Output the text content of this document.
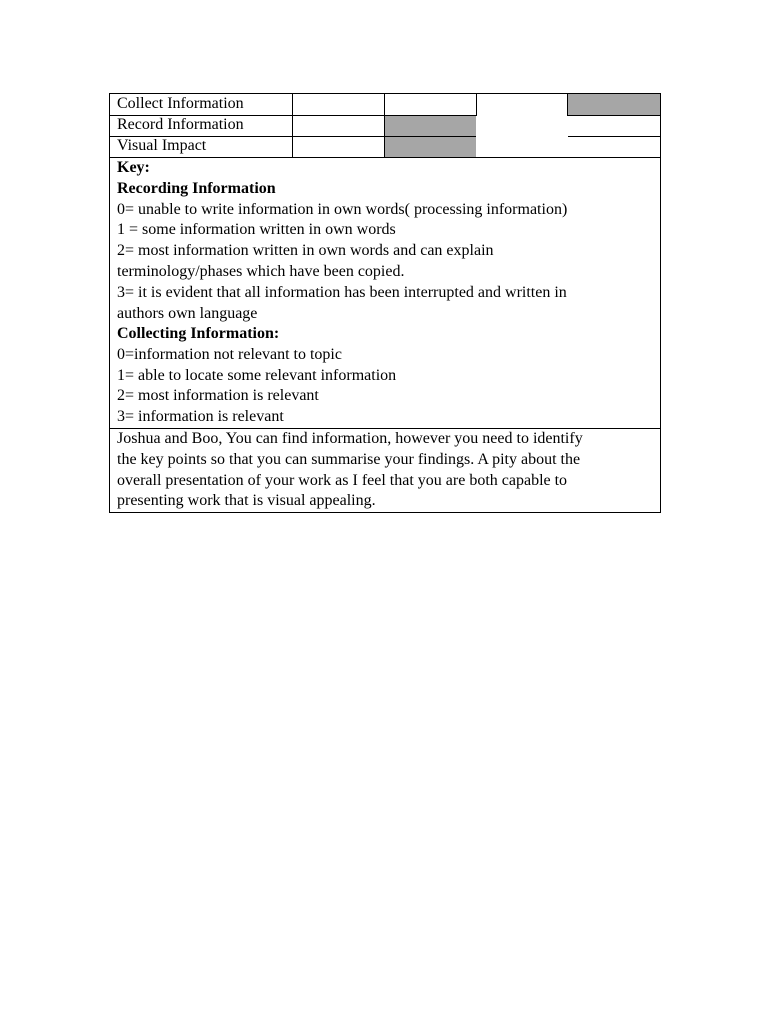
Collect Information
Record Information
Visual Impact
Key:
Recording Information
0= unable to write information in own words( processing information)
1 = some information written in own words
2= most information written in own words and can explain
terminology/phases which have been copied.
3= it is evident that all information has been interrupted and written in
authors own language
Collecting Information:
0=information not relevant to topic
1= able to locate some relevant information
2= most information is relevant
3= information is relevant
Joshua and Boo, You can find information, however you need to identify
the key points so that you can summarise your findings. A pity about the
overall presentation of your work as I feel that you are both capable to
presenting work that is visual appealing.
